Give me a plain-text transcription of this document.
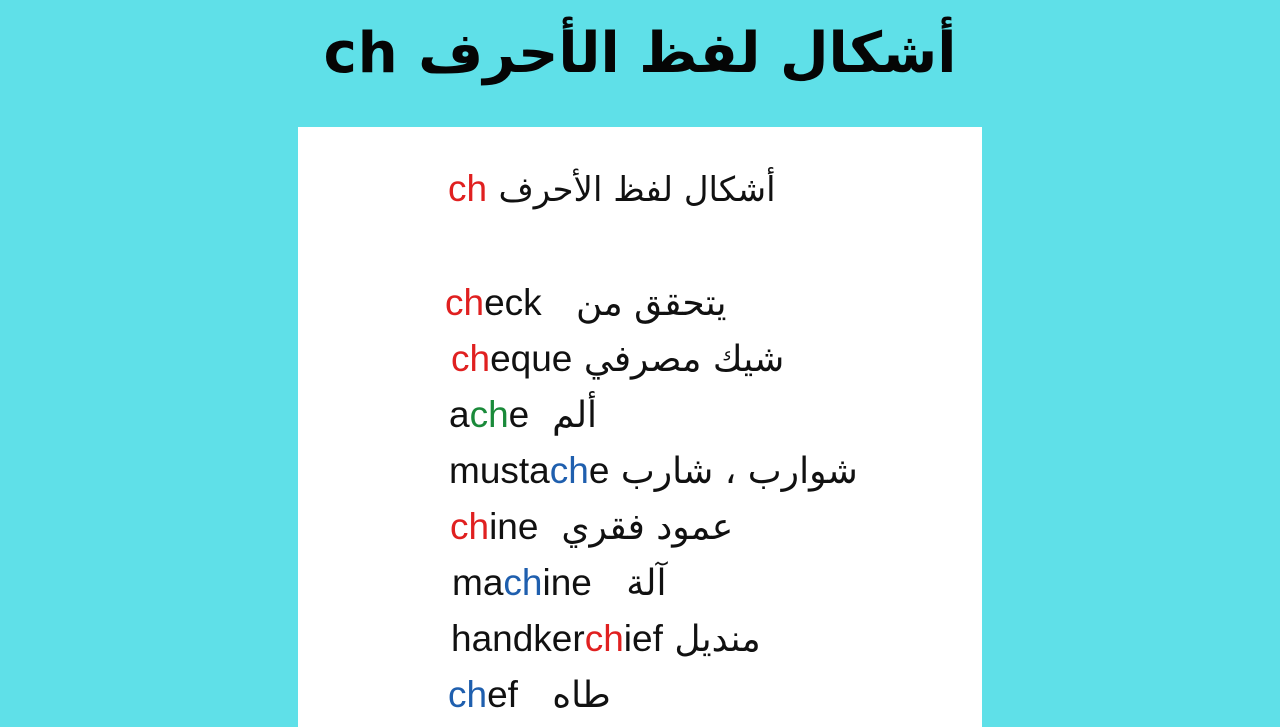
أشكال لفظ الأحرف ch
ch أشكال لفظ الأحرف
check يتحقق من
cheque شيك مصرفي
ache ألم
mustache شوارب ، شارب
chine عمود فقري
machine آلة
handkerchief منديل
chef طاه
